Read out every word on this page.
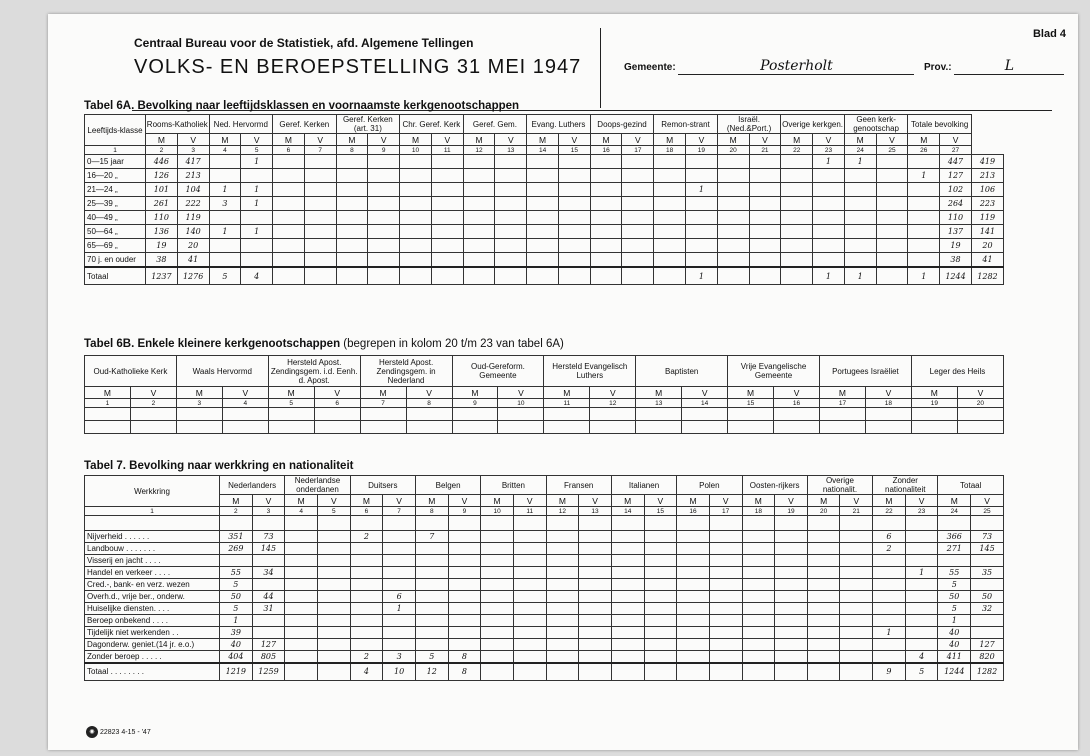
Centraal Bureau voor de Statistiek, afd. Algemene Tellingen
VOLKS- EN BEROEPSTELLING 31 MEI 1947
Blad 4
Gemeente:	Posterholt	Prov.:	L
Tabel 6A. Bevolking naar leeftijdsklassen en voornaamste kerkgenootschappen
Leeftijds-klasse	Rooms-Katholiek		Ned. Hervormd		Geref. Kerken		Geref. Kerken (art. 31)		Chr. Geref. Kerk		Geref. Gem.		Evang. Luthers		Doops-gezind		Remon-strant		Israël. (Ned.&Port.)		Overige kerkgen.		Geen kerk-genootschap		Totale bevolking		
	M	V	M	V	M	V	M	V	M	V	M	V	M	V	M	V	M	V	M	V	M	V	M	V	M	V	
1	2	3	4	5	6	7	8	9	10	11	12	13	14	15	16	17	18	19	20	21	22	23	24	25	26	27	
0—15 jaar	446	417		1																		1	1			447	419
16—20 „	126	213																							1	127	213
21—24 „	101	104	1	1														1								102	106
25—39 „	261	222	3	1																						264	223
40—49 „	110	119																								110	119
50—64 „	136	140	1	1																						137	141
65—69 „	19	20																								19	20
70 j. en ouder	38	41																								38	41
Totaal	1237	1276	5	4														1				1	1		1	1244	1282
Tabel 6B. Enkele kleinere kerkgenootschappen (begrepen in kolom 20 t/m 23 van tabel 6A)
Oud-Katholieke Kerk		Waals Hervormd		Hersteld Apost. Zendingsgem. i.d. Eenh. d. Apost.		Hersteld Apost. Zendingsgem. in Nederland		Oud-Gereform. Gemeente		Hersteld Evangelisch Luthers		Baptisten		Vrije Evangelische Gemeente		Portugees Israëliet		Leger des Heils	
M	V	M	V	M	V	M	V	M	V	M	V	M	V	M	V	M	V	M	V
1	2	3	4	5	6	7	8	9	10	11	12	13	14	15	16	17	18	19	20

Tabel 7. Bevolking naar werkkring en nationaliteit
Werkkring	Nederlanders		Nederlandse onderdanen		Duitsers		Belgen		Britten		Fransen		Italianen		Polen		Oosten-rijkers		Overige nationalit.		Zonder nationaliteit		Totaal	
	M	V	M	V	M	V	M	V	M	V	M	V	M	V	M	V	M	V	M	V	M	V	M	V
1	2	3	4	5	6	7	8	9	10	11	12	13	14	15	16	17	18	19	20	21	22	23	24	25

Nijverheid . . . . . .	351	73			2		7														6		366	73
Landbouw . . . . . . .	269	145																			2		271	145
Visserij en jacht . . . .																								
Handel en verkeer . . . .	55	34																				1	55	35
Cred.-, bank- en verz. wezen	5																						5	
Overh.d., vrije ber., onderw.	50	44				6																	50	50
Huiselijke diensten. . . .	5	31				1																	5	32
Beroep onbekend . . . .	1																						1	
Tijdelijk niet werkenden . .	39																				1		40	
Dagonderw. geniet.(14 jr. e.o.)	40	127																					40	127
Zonder beroep . . . . .	404	805			2	3	5	8														4	411	820
Totaal . . . . . . . .	1219	1259			4	10	12	8													9	5	1244	1282
◉ 22823 4-15 - '47
